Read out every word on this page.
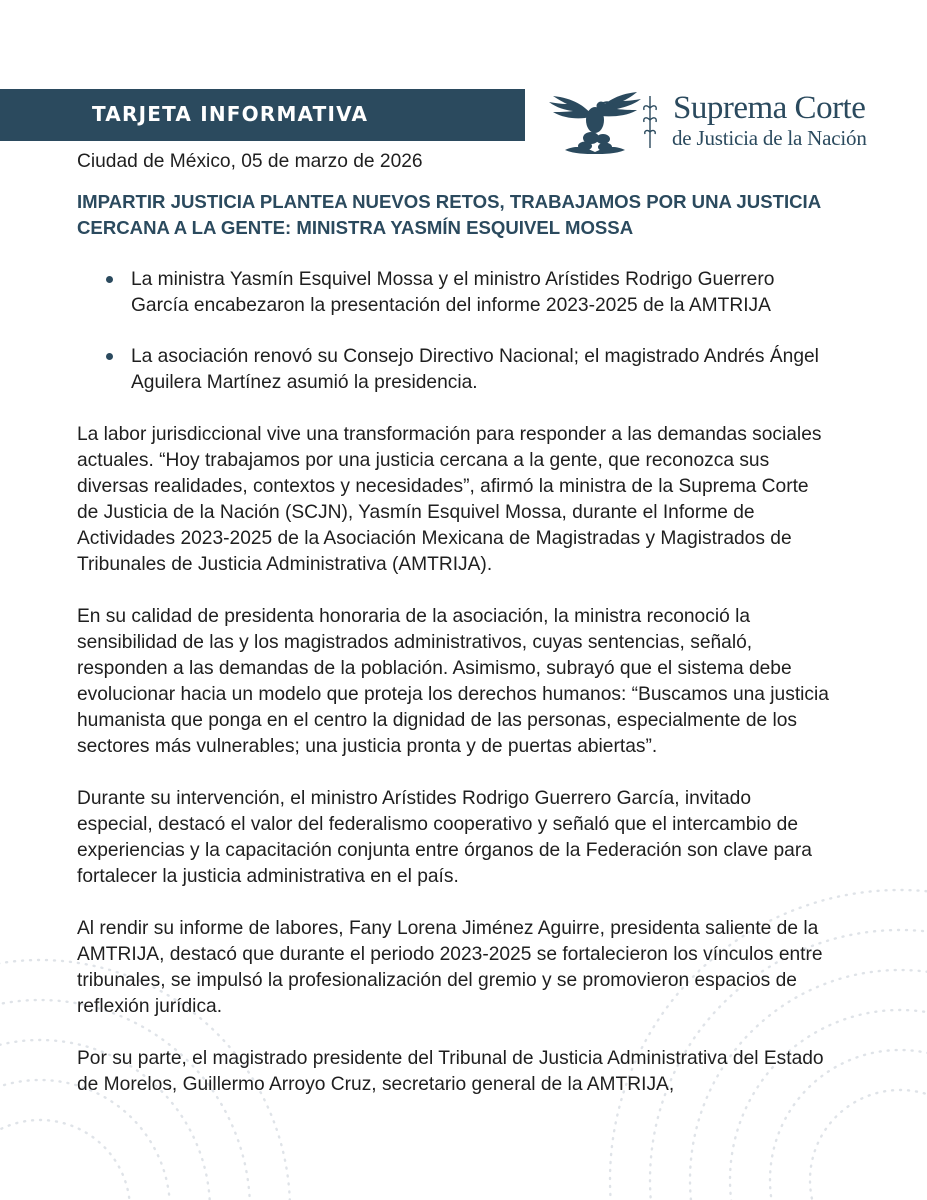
TARJETA INFORMATIVA	Suprema Corte
de Justicia de la Nación

Ciudad de México, 05 de marzo de 2026

IMPARTIR JUSTICIA PLANTEA NUEVOS RETOS, TRABAJAMOS POR UNA JUSTICIA CERCANA A LA GENTE: MINISTRA YASMÍN ESQUIVEL MOSSA
La ministra Yasmín Esquivel Mossa y el ministro Arístides Rodrigo Guerrero García encabezaron la presentación del informe 2023-2025 de la AMTRIJA
La asociación renovó su Consejo Directivo Nacional; el magistrado Andrés Ángel Aguilera Martínez asumió la presidencia.

La labor jurisdiccional vive una transformación para responder a las demandas sociales actuales. “Hoy trabajamos por una justicia cercana a la gente, que reconozca sus diversas realidades, contextos y necesidades”, afirmó la ministra de la Suprema Corte de Justicia de la Nación (SCJN), Yasmín Esquivel Mossa, durante el Informe de Actividades 2023-2025 de la Asociación Mexicana de Magistradas y Magistrados de Tribunales de Justicia Administrativa (AMTRIJA).

En su calidad de presidenta honoraria de la asociación, la ministra reconoció la sensibilidad de las y los magistrados administrativos, cuyas sentencias, señaló, responden a las demandas de la población. Asimismo, subrayó que el sistema debe evolucionar hacia un modelo que proteja los derechos humanos: “Buscamos una justicia humanista que ponga en el centro la dignidad de las personas, especialmente de los sectores más vulnerables; una justicia pronta y de puertas abiertas”.

Durante su intervención, el ministro Arístides Rodrigo Guerrero García, invitado especial, destacó el valor del federalismo cooperativo y señaló que el intercambio de experiencias y la capacitación conjunta entre órganos de la Federación son clave para fortalecer la justicia administrativa en el país.

Al rendir su informe de labores, Fany Lorena Jiménez Aguirre, presidenta saliente de la AMTRIJA, destacó que durante el periodo 2023-2025 se fortalecieron los vínculos entre tribunales, se impulsó la profesionalización del gremio y se promovieron espacios de reflexión jurídica.

Por su parte, el magistrado presidente del Tribunal de Justicia Administrativa del Estado de Morelos, Guillermo Arroyo Cruz, secretario general de la AMTRIJA,
